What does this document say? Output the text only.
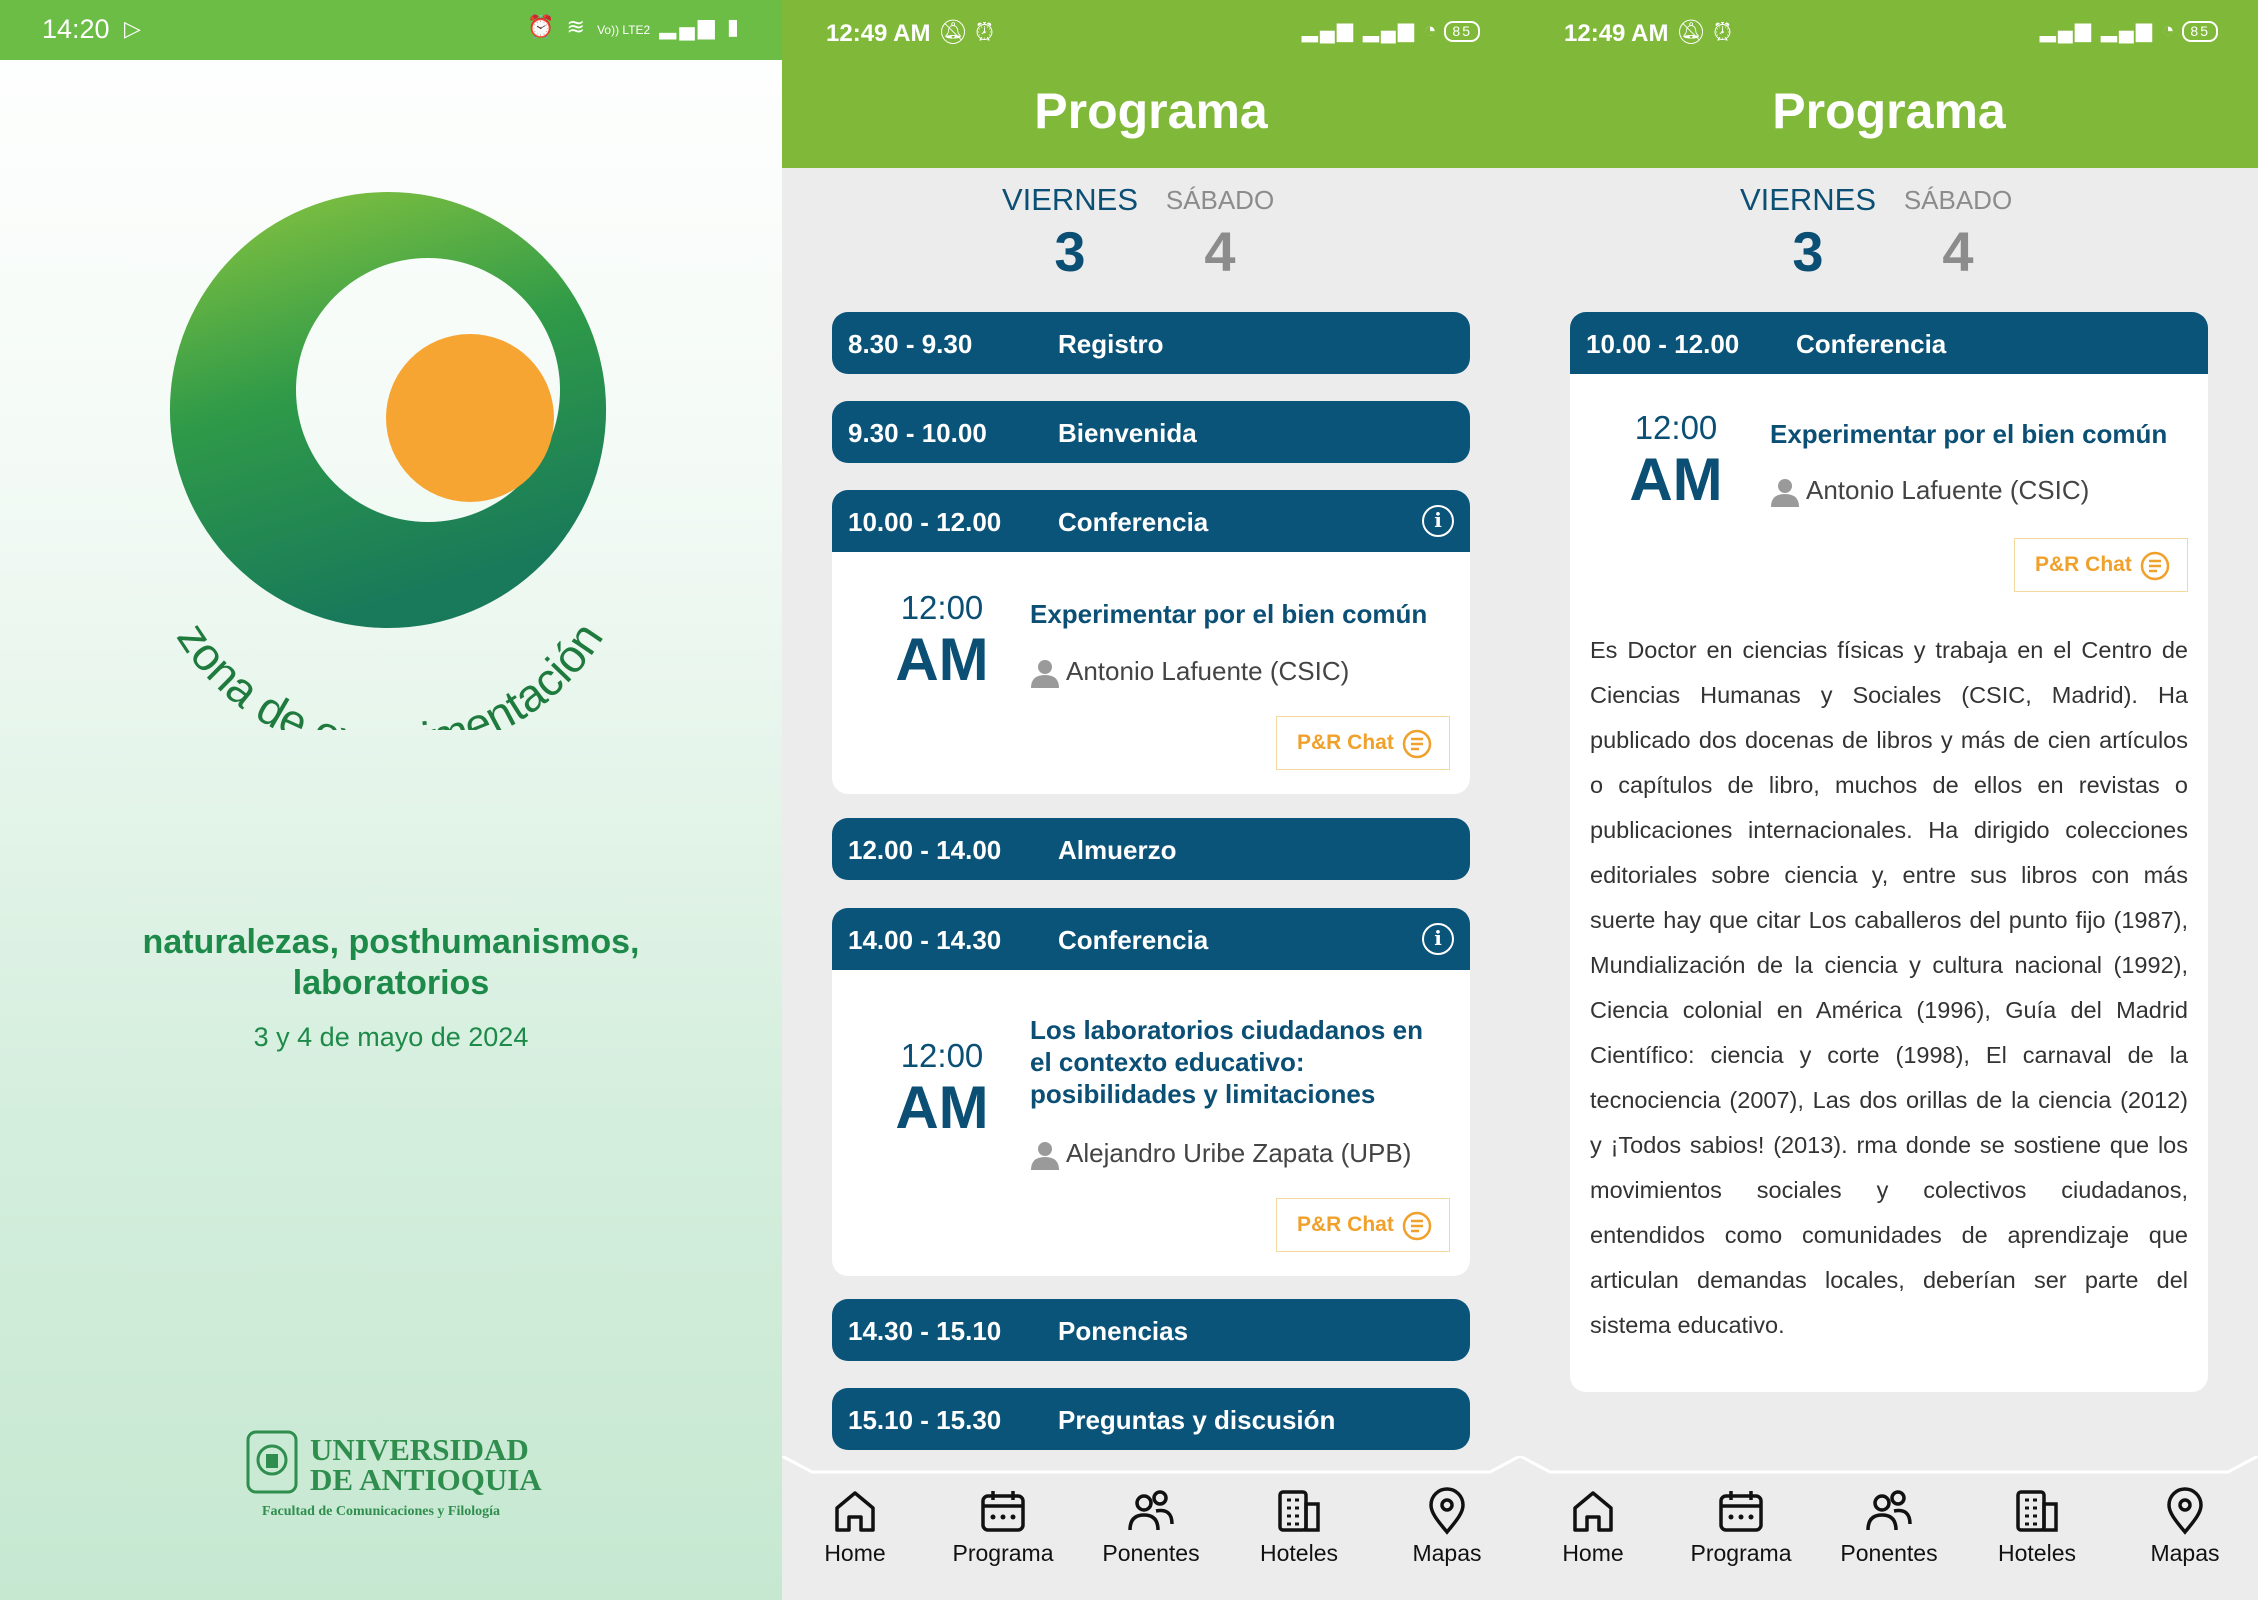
14:20 ▷	⏰ ≋ Vo)) LTE2 ▂▄▆ ▮
zona de entación
naturalezas, posthumanismos, laboratorios
3 y 4 de mayo de 2024
UNIVERSIDAD
DE ANTIOQUIA
Facultad de Comunicaciones y Filología
12:49 AM 🔕︎ ⏰︎	▂▄▆ ▂▄▆ ◔ 85
Programa
VIERNES
3
SÁBADO
4
8.30 - 9.30	Registro
9.30 - 10.00	Bienvenida
10.00 - 12.00 Conferencia	i
12:00
AM
Experimentar por el bien común
Antonio Lafuente (CSIC)
P&R Chat
12.00 - 14.00 Almuerzo
14.00 - 14.30 Conferencia	i
12:00
AM
Los laboratorios ciudadanos en el contexto educativo: posibilidades y limitaciones
Alejandro Uribe Zapata (UPB)
P&R Chat
14.30 - 15.10 Ponencias
15.10 - 15.30 Preguntas y discusión
Home	Programa	Ponentes	Hoteles	Mapas
12:49 AM 🔕︎ ⏰︎	▂▄▆ ▂▄▆ ◔ 85
Programa
VIERNES
3
SÁBADO
4
10.00 - 12.00 Conferencia
12:00
AM
Experimentar por el bien común
Antonio Lafuente (CSIC)
P&R Chat
Es Doctor en ciencias físicas y trabaja en el Centro de Ciencias Humanas y Sociales (CSIC, Madrid). Ha publicado dos docenas de libros y más de cien artículos o capítulos de libro, muchos de ellos en revistas o publicaciones internacionales. Ha dirigido colecciones editoriales sobre ciencia y, entre sus libros con más suerte hay que citar Los caballeros del punto fijo (1987), Mundialización de la ciencia y cultura nacional (1992), Ciencia colonial en América (1996), Guía del Madrid Científico: ciencia y corte (1998), El carnaval de la tecnociencia (2007), Las dos orillas de la ciencia (2012) y ¡Todos sabios! (2013). rma donde se sostiene que los movimientos sociales y colectivos ciudadanos, entendidos como comunidades de aprendizaje que articulan demandas locales, deberían ser parte del sistema educativo.
Home	Programa	Ponentes	Hoteles	Mapas
